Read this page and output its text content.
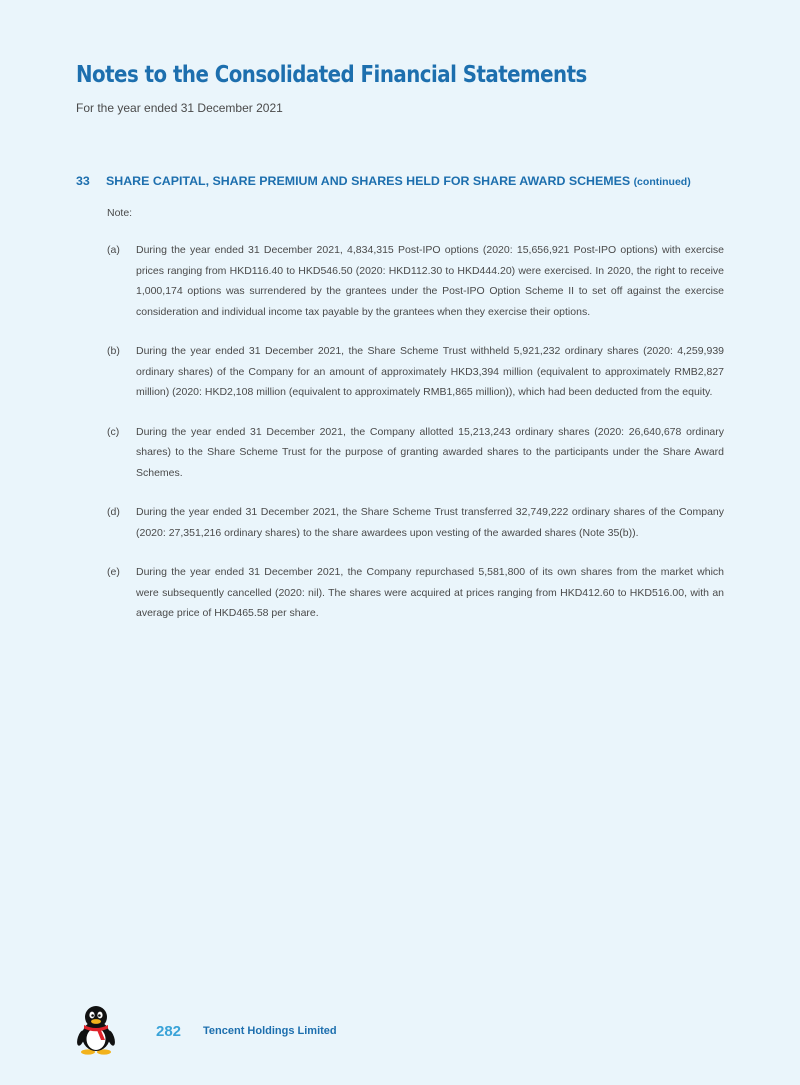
Notes to the Consolidated Financial Statements
For the year ended 31 December 2021
33 SHARE CAPITAL, SHARE PREMIUM AND SHARES HELD FOR SHARE AWARD SCHEMES (continued)
Note:
(a)	During the year ended 31 December 2021, 4,834,315 Post-IPO options (2020: 15,656,921 Post-IPO options) with exercise prices ranging from HKD116.40 to HKD546.50 (2020: HKD112.30 to HKD444.20) were exercised. In 2020, the right to receive 1,000,174 options was surrendered by the grantees under the Post-IPO Option Scheme II to set off against the exercise consideration and individual income tax payable by the grantees when they exercise their options.
(b)	During the year ended 31 December 2021, the Share Scheme Trust withheld 5,921,232 ordinary shares (2020: 4,259,939 ordinary shares) of the Company for an amount of approximately HKD3,394 million (equivalent to approximately RMB2,827 million) (2020: HKD2,108 million (equivalent to approximately RMB1,865 million)), which had been deducted from the equity.
(c)	During the year ended 31 December 2021, the Company allotted 15,213,243 ordinary shares (2020: 26,640,678 ordinary shares) to the Share Scheme Trust for the purpose of granting awarded shares to the participants under the Share Award Schemes.
(d)	During the year ended 31 December 2021, the Share Scheme Trust transferred 32,749,222 ordinary shares of the Company (2020: 27,351,216 ordinary shares) to the share awardees upon vesting of the awarded shares (Note 35(b)).
(e)	During the year ended 31 December 2021, the Company repurchased 5,581,800 of its own shares from the market which were subsequently cancelled (2020: nil). The shares were acquired at prices ranging from HKD412.60 to HKD516.00, with an average price of HKD465.58 per share.
282 Tencent Holdings Limited
